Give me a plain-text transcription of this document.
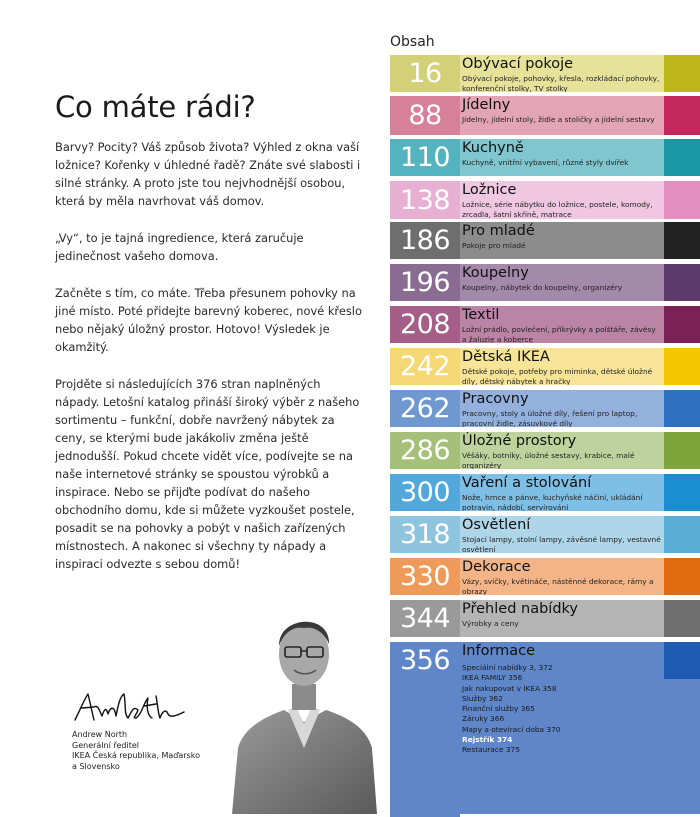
Co máte rádi?

Barvy? Pocity? Váš způsob života? Výhled z okna vaší ložnice? Kořenky v úhledné řadě? Znáte své slabosti i silné stránky. A proto jste tou nejvhodnější osobou, která by měla navrhovat váš domov.

„Vy“, to je tajná ingredience, která zaručuje jedinečnost vašeho domova.

Začněte s tím, co máte. Třeba přesunem pohovky na jiné místo. Poté přidejte barevný koberec, nové křeslo nebo nějaký úložný prostor. Hotovo! Výsledek je okamžitý.

Projděte si následujících 376 stran naplněných nápady. Letošní katalog přináší široký výběr z našeho sortimentu – funkční, dobře navržený nábytek za ceny, se kterými bude jakákoliv změna ještě jednodušší. Pokud chcete vidět více, podívejte se na naše internetové stránky se spoustou výrobků a inspirace. Nebo se přijďte podívat do našeho obchodního domu, kde si můžete vyzkoušet postele, posadit se na pohovky a pobýt v našich zařízených místnostech. A nakonec si všechny ty nápady a inspiraci odvezte s sebou domů!

Andrew North
Generální ředitel
IKEA Česká republika, Maďarsko
a Slovensko
Obsah
16	Obývací pokoje
Obývací pokoje, pohovky, křesla, rozkládací pohovky, konferenční stolky, TV stolky
88	Jídelny
Jídelny, jídelní stoly, židle a stoličky a jídelní sestavy
110 Kuchyně
Kuchyně, vnitřní vybavení, různé styly dvířek
138 Ložnice
Ložnice, série nábytku do ložnice, postele, komody, zrcadla, šatní skříně, matrace
186 Pro mladé
Pokoje pro mladé
196 Koupelny
Koupelny, nábytek do koupelny, organizéry
208 Textil
Ložní prádlo, povlečení, přikrývky a polštáře, závěsy a žaluzie a koberce
242 Dětská IKEA
Dětské pokoje, potřeby pro miminka, dětské úložné díly, dětský nábytek a hračky
262 Pracovny
Pracovny, stoly a úložné díly, řešení pro laptop, pracovní židle, zásuvkové díly
286 Úložné prostory
Věšáky, botníky, úložné sestavy, krabice, malé organizéry
300 Vaření a stolování
Nože, hrnce a pánve, kuchyňské náčiní, ukládání potravin, nádobí, servírování
318 Osvětlení
Stojací lampy, stolní lampy, závěsné lampy, vestavné osvětlení
330 Dekorace
Vázy, svíčky, květináče, nástěnné dekorace, rámy a obrazy
344 Přehled nabídky
Výrobky a ceny
356 Informace
Speciální nabídky 3, 372
IKEA FAMILY 356
Jak nakupovat v IKEA 358
Služby 362
Finanční služby 365
Záruky 366
Mapy a otevírací doba 370
Rejstřík 374
Restaurace 375
